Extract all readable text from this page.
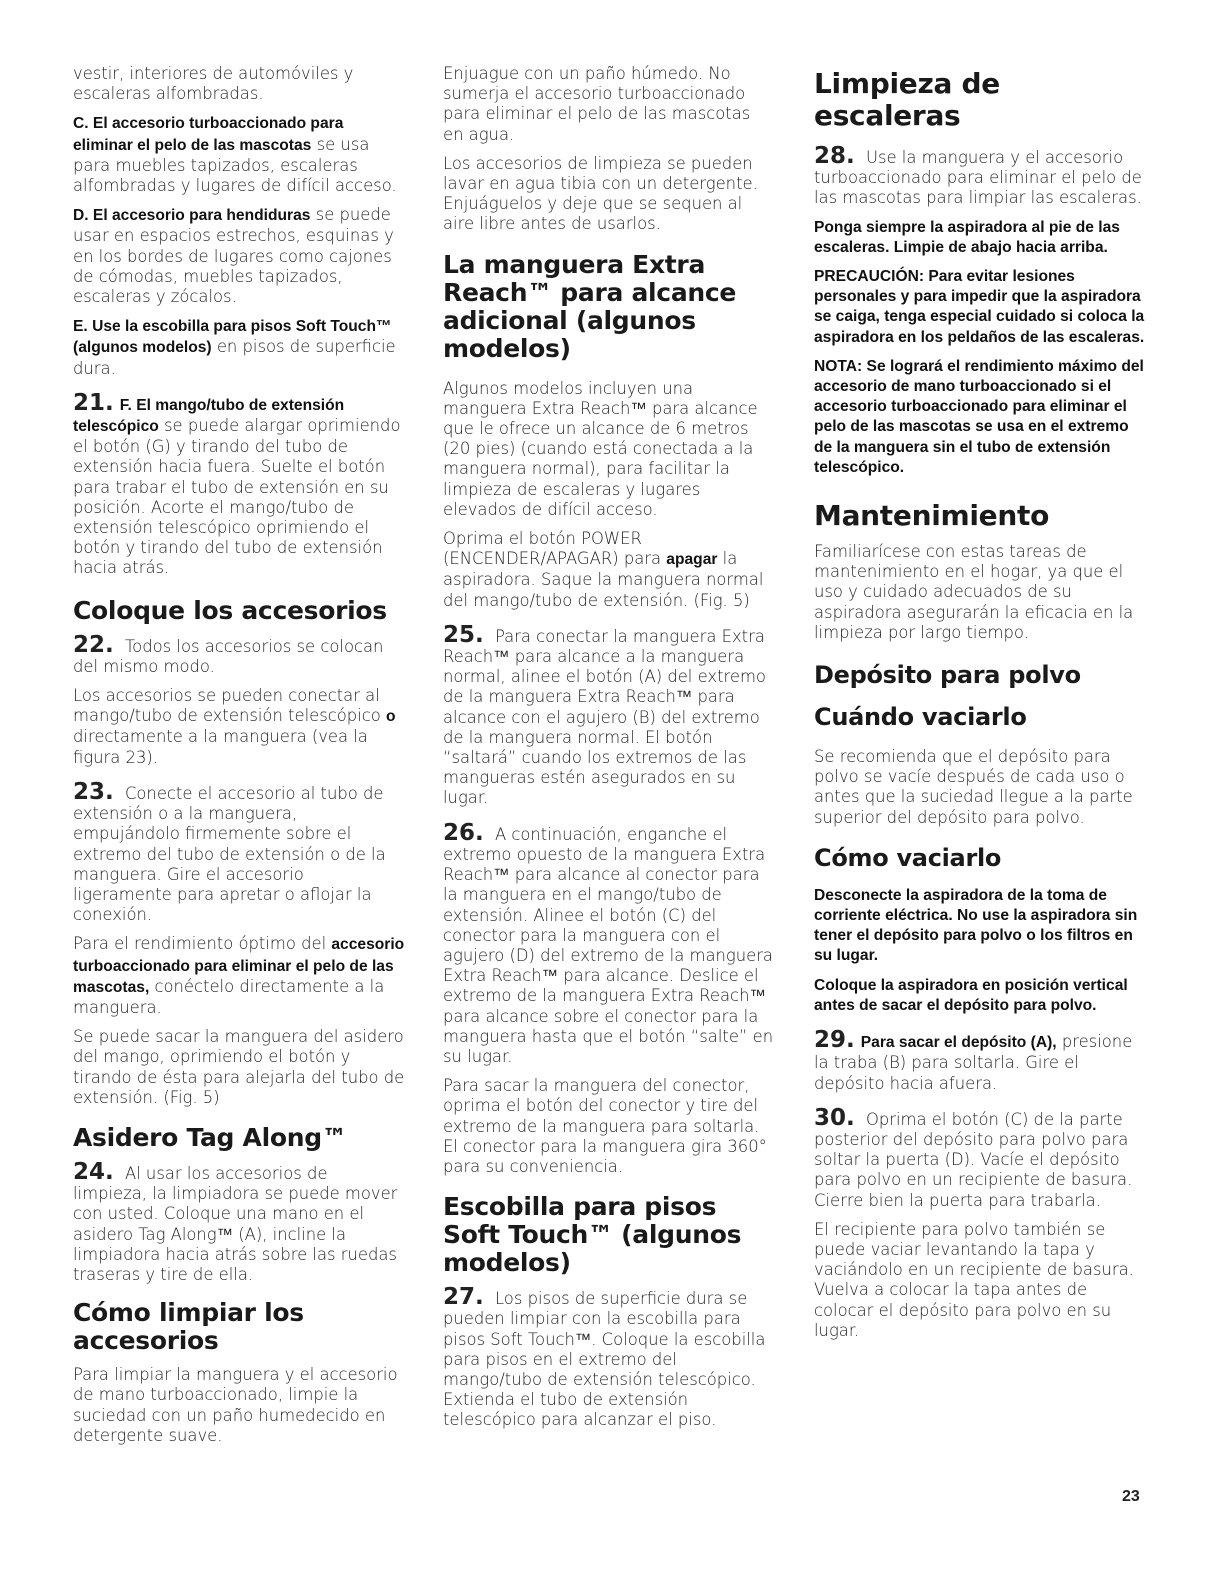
vestir, interiores de automóviles y escaleras alfombradas.

C. El accesorio turboaccionado para eliminar el pelo de las mascotas se usa para muebles tapizados, escaleras alfombradas y lugares de difícil acceso.

D. El accesorio para hendiduras se puede usar en espacios estrechos, esquinas y en los bordes de lugares como cajones de cómodas, muebles tapizados, escaleras y zócalos.

E. Use la escobilla para pisos Soft Touch™ (algunos modelos) en pisos de superficie dura.

21. F. El mango/tubo de extensión telescópico se puede alargar oprimiendo el botón (G) y tirando del tubo de extensión hacia fuera. Suelte el botón para trabar el tubo de extensión en su posición. Acorte el mango/tubo de extensión telescópico oprimiendo el botón y tirando del tubo de extensión hacia atrás.

Coloque los accesorios

22. Todos los accesorios se colocan del mismo modo.

Los accesorios se pueden conectar al mango/tubo de extensión telescópico o directamente a la manguera (vea la figura 23).

23. Conecte el accesorio al tubo de extensión o a la manguera, empujándolo firmemente sobre el extremo del tubo de extensión o de la manguera. Gire el accesorio ligeramente para apretar o aflojar la conexión.

Para el rendimiento óptimo del accesorio turboaccionado para eliminar el pelo de las mascotas, conéctelo directamente a la manguera.

Se puede sacar la manguera del asidero del mango, oprimiendo el botón y tirando de ésta para alejarla del tubo de extensión. (Fig. 5)

Asidero Tag Along™

24. Al usar los accesorios de limpieza, la limpiadora se puede mover con usted. Coloque una mano en el asidero Tag Along™ (A), incline la limpiadora hacia atrás sobre las ruedas traseras y tire de ella.

Cómo limpiar los accesorios

Para limpiar la manguera y el accesorio de mano turboaccionado, limpie la suciedad con un paño humedecido en detergente suave.

Enjuague con un paño húmedo. No sumerja el accesorio turboaccionado para eliminar el pelo de las mascotas en agua.

Los accesorios de limpieza se pueden lavar en agua tibia con un detergente. Enjuáguelos y deje que se sequen al aire libre antes de usarlos.

La manguera Extra Reach™ para alcance adicional (algunos modelos)

Algunos modelos incluyen una manguera Extra Reach™ para alcance que le ofrece un alcance de 6 metros (20 pies) (cuando está conectada a la manguera normal), para facilitar la limpieza de escaleras y lugares elevados de difícil acceso.

Oprima el botón POWER (ENCENDER/APAGAR) para apagar la aspiradora. Saque la manguera normal del mango/tubo de extensión. (Fig. 5)

25. Para conectar la manguera Extra Reach™ para alcance a la manguera normal, alinee el botón (A) del extremo de la manguera Extra Reach™ para alcance con el agujero (B) del extremo de la manguera normal. El botón “saltará” cuando los extremos de las mangueras estén asegurados en su lugar.

26. A continuación, enganche el extremo opuesto de la manguera Extra Reach™ para alcance al conector para la manguera en el mango/tubo de extensión. Alinee el botón (C) del conector para la manguera con el agujero (D) del extremo de la manguera Extra Reach™ para alcance. Deslice el extremo de la manguera Extra Reach™ para alcance sobre el conector para la manguera hasta que el botón “salte” en su lugar.

Para sacar la manguera del conector, oprima el botón del conector y tire del extremo de la manguera para soltarla. El conector para la manguera gira 360° para su conveniencia.

Escobilla para pisos Soft Touch™ (algunos modelos)

27. Los pisos de superficie dura se pueden limpiar con la escobilla para pisos Soft Touch™. Coloque la escobilla para pisos en el extremo del mango/tubo de extensión telescópico. Extienda el tubo de extensión telescópico para alcanzar el piso.

Limpieza de escaleras

28. Use la manguera y el accesorio turboaccionado para eliminar el pelo de las mascotas para limpiar las escaleras.

Ponga siempre la aspiradora al pie de las escaleras. Limpie de abajo hacia arriba.

PRECAUCIÓN: Para evitar lesiones personales y para impedir que la aspiradora se caiga, tenga especial cuidado si coloca la aspiradora en los peldaños de las escaleras.

NOTA: Se logrará el rendimiento máximo del accesorio de mano turboaccionado si el accesorio turboaccionado para eliminar el pelo de las mascotas se usa en el extremo de la manguera sin el tubo de extensión telescópico.

Mantenimiento

Familiarícese con estas tareas de mantenimiento en el hogar, ya que el uso y cuidado adecuados de su aspiradora asegurarán la eficacia en la limpieza por largo tiempo.

Depósito para polvo
Cuándo vaciarlo

Se recomienda que el depósito para polvo se vacíe después de cada uso o antes que la suciedad llegue a la parte superior del depósito para polvo.

Cómo vaciarlo

Desconecte la aspiradora de la toma de corriente eléctrica. No use la aspiradora sin tener el depósito para polvo o los filtros en su lugar.

Coloque la aspiradora en posición vertical antes de sacar el depósito para polvo.

29. Para sacar el depósito (A), presione la traba (B) para soltarla. Gire el depósito hacia afuera.

30. Oprima el botón (C) de la parte posterior del depósito para polvo para soltar la puerta (D). Vacíe el depósito para polvo en un recipiente de basura. Cierre bien la puerta para trabarla.

El recipiente para polvo también se puede vaciar levantando la tapa y vaciándolo en un recipiente de basura. Vuelva a colocar la tapa antes de colocar el depósito para polvo en su lugar.

23
